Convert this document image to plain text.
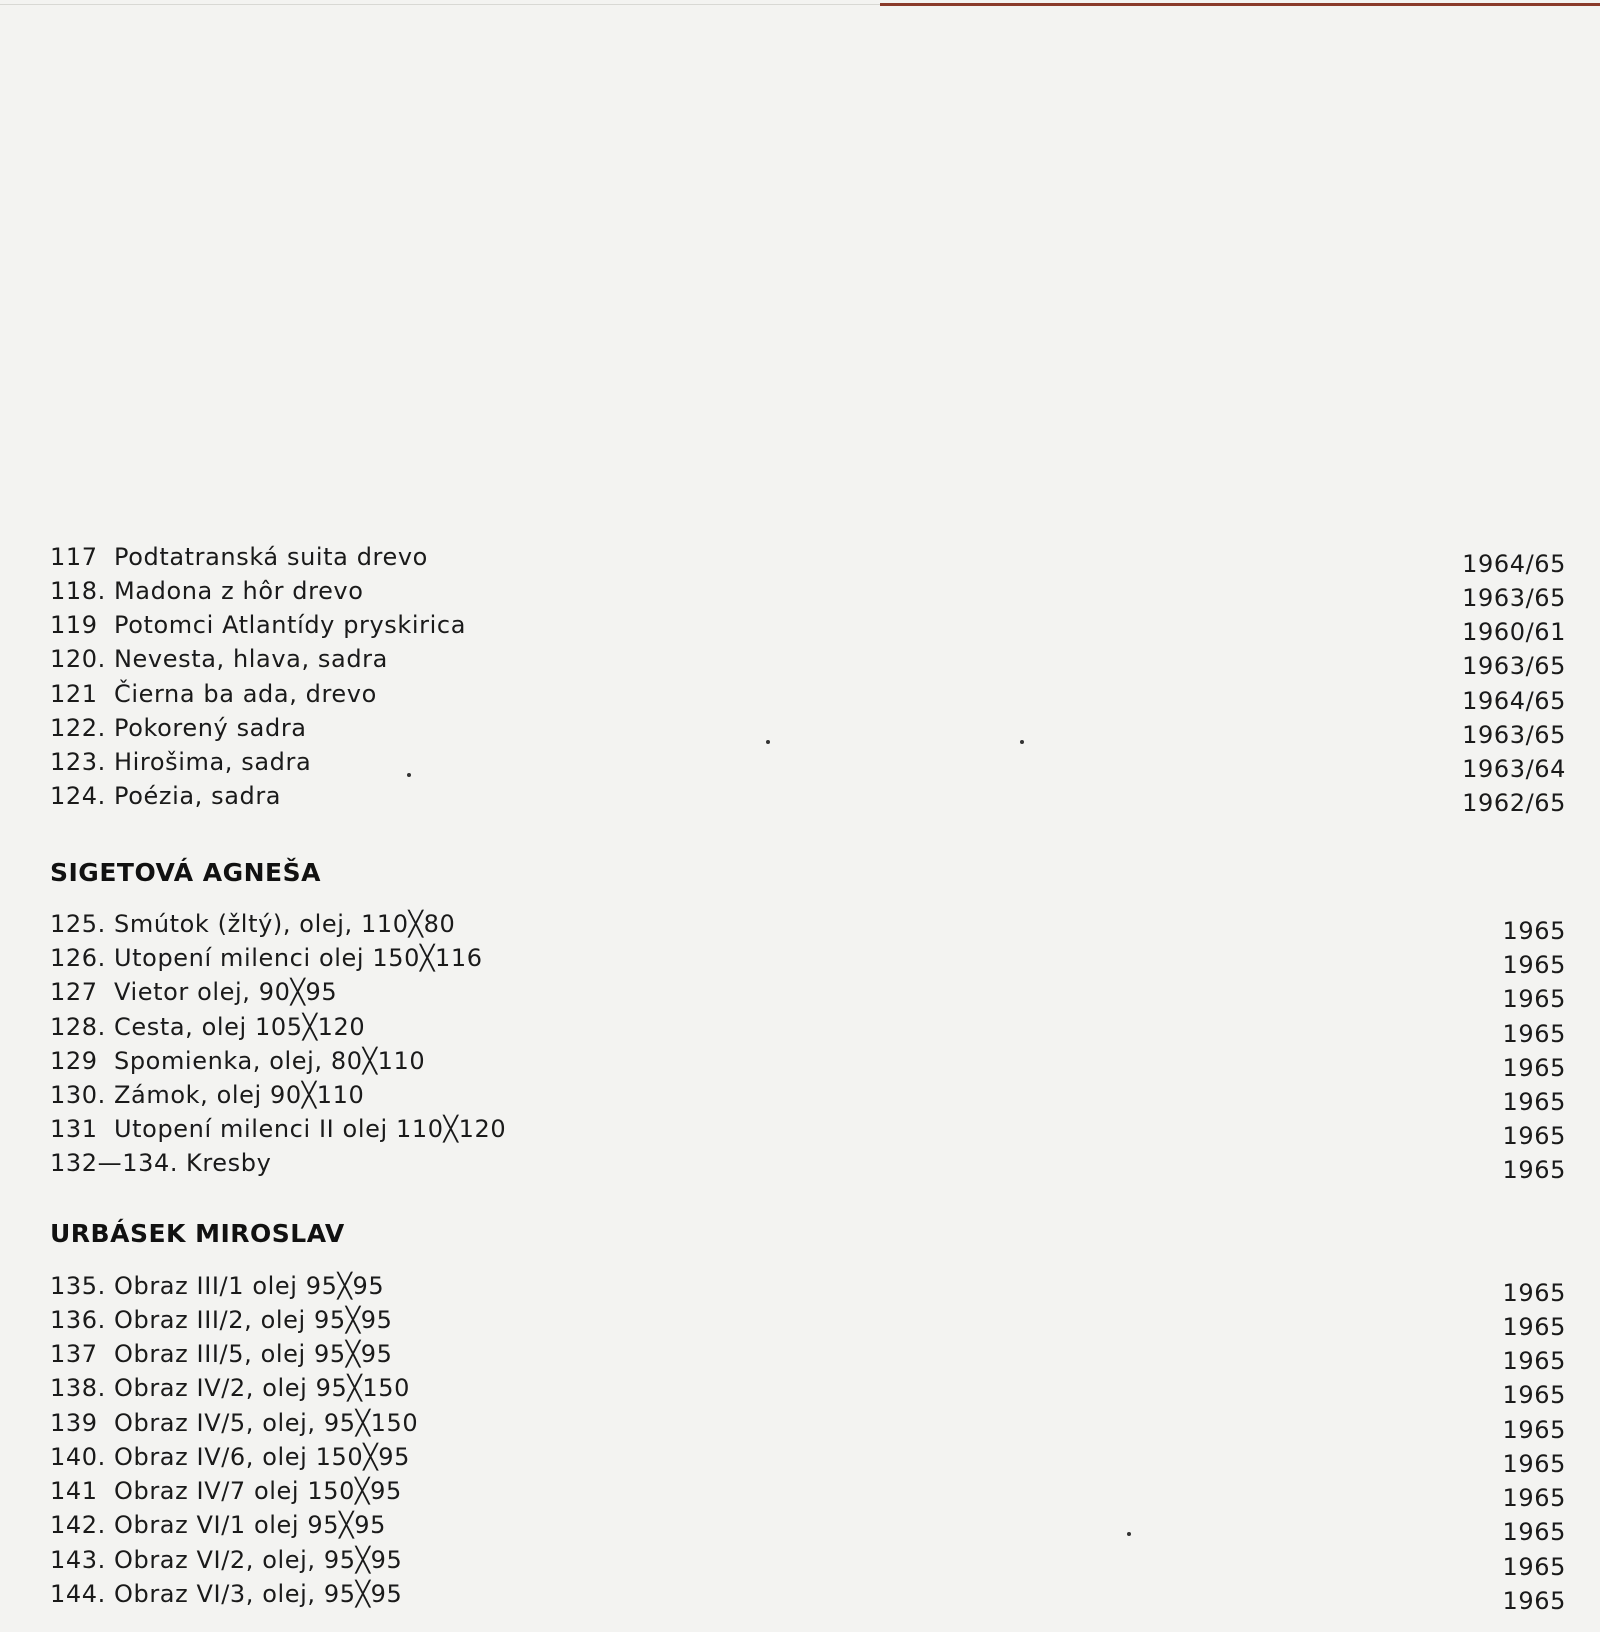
117 Podtatranská suita drevo	1964/65
118. Madona z hôr drevo	1963/65
119 Potomci Atlantídy pryskirica	1960/61
120. Nevesta, hlava, sadra	1963/65
121 Čierna ba ada, drevo	1964/65
122. Pokorený sadra	1963/65
123. Hirošima, sadra	1963/64
124. Poézia, sadra	1962/65
SIGETOVÁ AGNEŠA
125. Smútok (žltý), olej, 110╳80	1965
126. Utopení milenci olej 150╳116	1965
127 Vietor olej, 90╳95	1965
128. Cesta, olej 105╳120	1965
129 Spomienka, olej, 80╳110	1965
130. Zámok, olej 90╳110	1965
131 Utopení milenci II olej 110╳120	1965
132—134. Kresby	1965
URBÁSEK MIROSLAV
135. Obraz III/1 olej 95╳95	1965
136. Obraz III/2, olej 95╳95	1965
137 Obraz III/5, olej 95╳95	1965
138. Obraz IV/2, olej 95╳150	1965
139 Obraz IV/5, olej, 95╳150	1965
140. Obraz IV/6, olej 150╳95	1965
141 Obraz IV/7 olej 150╳95	1965
142. Obraz VI/1 olej 95╳95	1965
143. Obraz VI/2, olej, 95╳95	1965
144. Obraz VI/3, olej, 95╳95	1965
